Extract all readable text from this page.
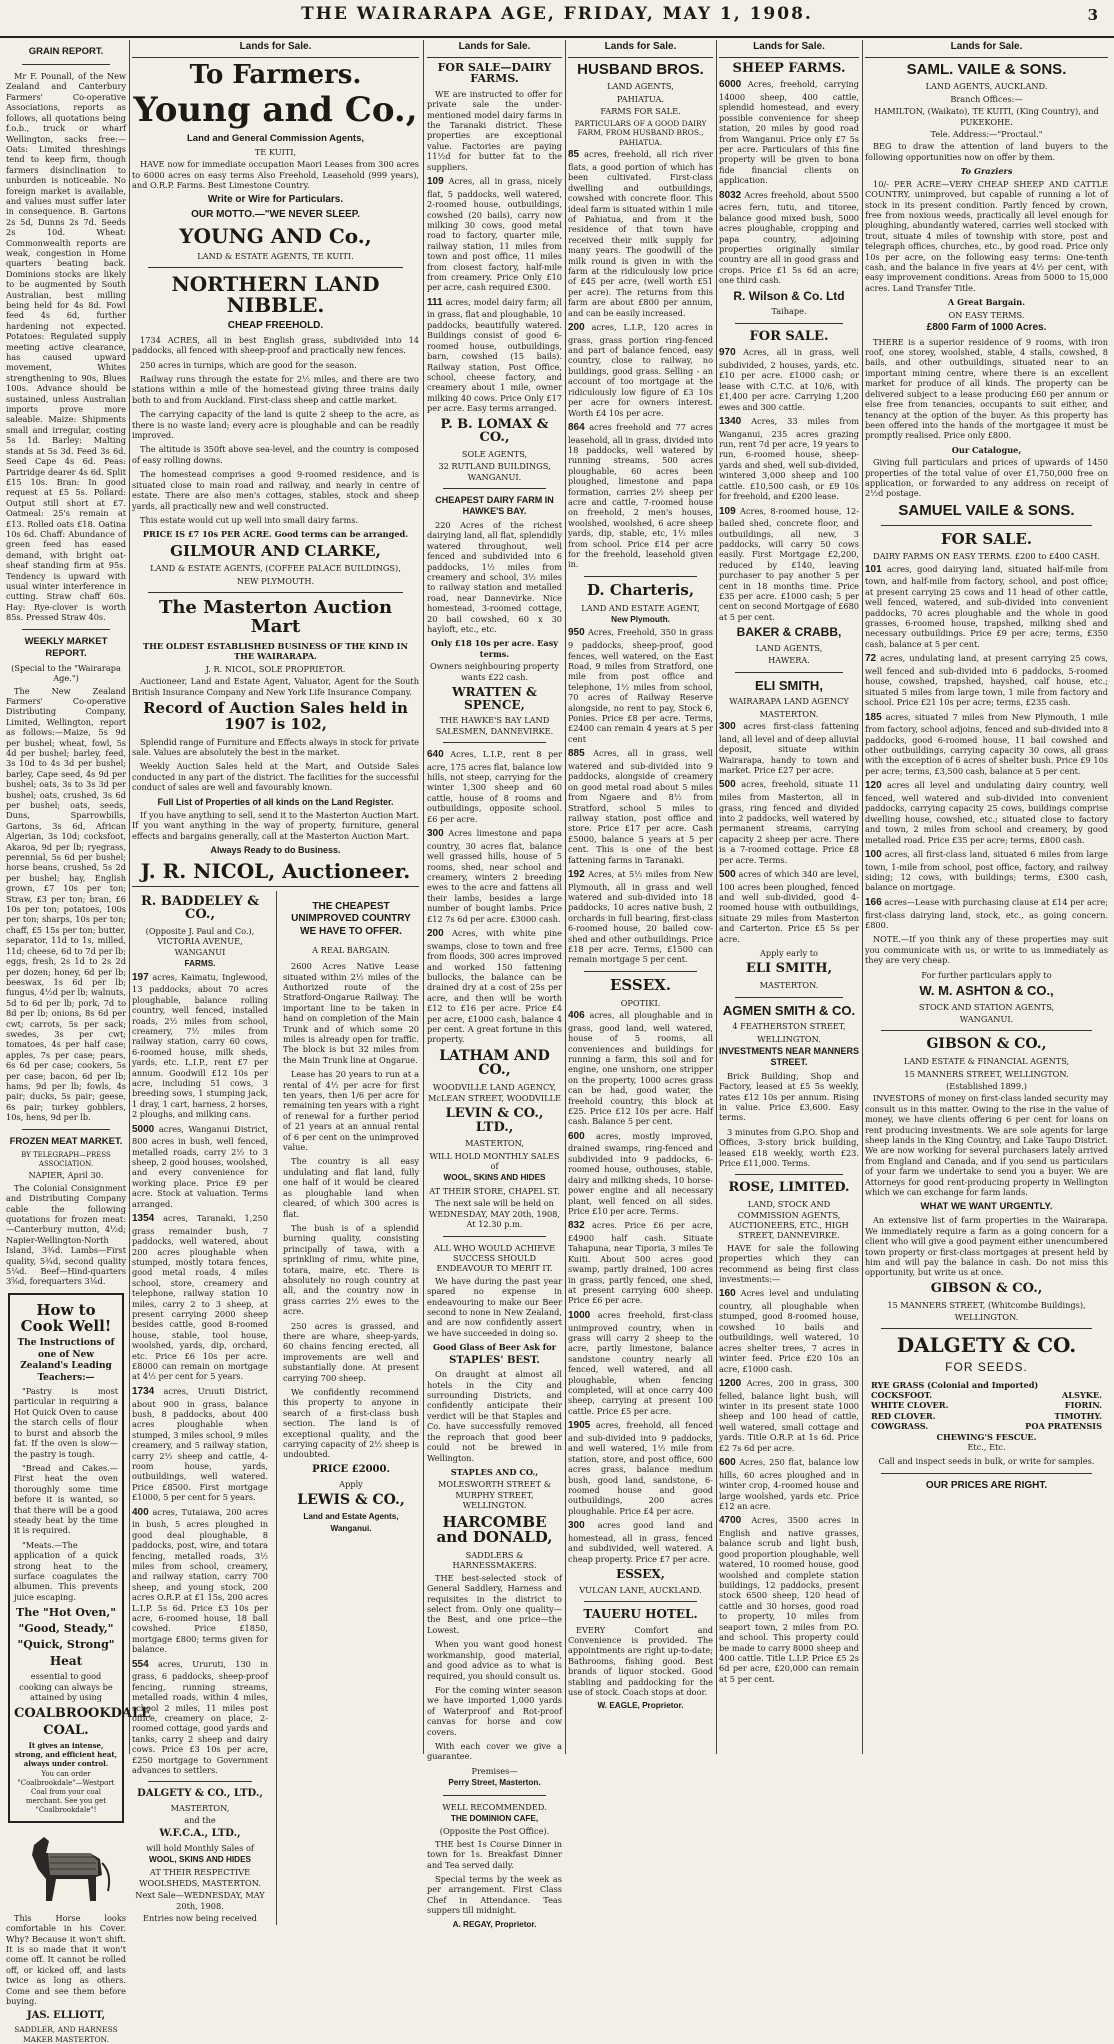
THE WAIRARAPA AGE, FRIDAY, MAY 1, 1908.	3
GRAIN REPORT.

Mr F. Pounall, of the New Zealand and Canterbury Farmers' Co-operative Associations, reports as follows, all quotations being f.o.b., truck or wharf Wellington, sacks free:—Oats: Limited threshings tend to keep firm, though farmers disinclination to unburden is noticeable. No foreign market is available, and values must suffer later in consequence. B. Gartons 2s 5d, Dunns 2s 7d. Seeds 2s 10d. Wheat: Commonwealth reports are weak, congestion in Home quarters beating back. Dominions stocks are likely to be augmented by South Australian, best milling being held for 4s 8d. Fowl feed 4s 6d, further hardening not expected. Potatoes: Regulated supply meeting active clearance, has caused upward movement, Whites strengthening to 90s, Blues 100s. Advance should be sustained, unless Australian imports prove more saleable. Maize: Shipments small and irregular, costing 5s 1d. Barley: Malting stands at 5s 3d. Feed 3s 6d. Seed Cape 4s 6d. Peas: Partridge dearer 4s 6d. Split £15 10s. Bran: In good request at £5 5s. Pollard: Output still short at £7. Oatmeal: 25's remain at £13. Rolled oats £18. Oatina 10s 6d. Chaff: Abundance of green feed has eased demand, with bright oat-sheaf standing firm at 95s. Tendency is upward with usual winter interference in cutting. Straw chaff 60s. Hay: Rye-clover is worth 85s. Pressed Straw 40s.

WEEKLY MARKET REPORT.
(Special to the "Wairarapa Age.")

The New Zealand Farmers' Co-operative Distributing Company, Limited, Wellington, report as follows:—Maize, 5s 9d per bushel; wheat, fowl, 5s 4d per bushel; barley, feed, 3s 10d to 4s 3d per bushel; barley, Cape seed, 4s 9d per bushel; oats, 3s to 3s 3d per bushel; oats, crushed, 3s 6d per bushel; oats, seeds, Duns, Sparrowbills, Gartons, 3s 6d, African Algerian, 3s 10d; cocksfoot, Akaroa, 9d per lb; ryegrass, perennial, 5s 6d per bushel; horse beans, crushed, 5s 2d per bushel; hay, English grown, £7 10s per ton; Straw, £3 per ton; bran, £6 10s per ton; potatoes, 100s per ton; sharps, 10s per ton; chaff, £5 15s per ton; butter, separator, 11d to 1s, milled, 11d; cheese, 6d to 7d per lb; eggs, fresh, 2s 1d to 2s 2d per dozen; honey, 6d per lb; beeswax, 1s 6d per lb; fungus, 4½d per lb; walnuts, 5d to 6d per lb; pork, 7d to 8d per lb; onions, 8s 6d per cwt; carrots, 5s per sack; swedes, 3s per cwt; tomatoes, 4s per half case; apples, 7s per case; pears, 6s 6d per case; cookers, 5s per case; bacon, 6d per lb; hams, 9d per lb; fowls, 4s pair; ducks, 5s pair; geese, 6s pair; turkey gobblers, 10s, hens, 9d per lb.

FROZEN MEAT MARKET.
BY TELEGRAPH—PRESS ASSOCIATION.
NAPIER, April 30.

The Colonial Consignment and Distributing Company cable the following quotations for frozen meat:—Canterbury mutton, 4½d; Napier-Wellington-North Island, 3¾d. Lambs—First quality, 5¾d, second quality 5¼d. Beef—Hind-quarters 3⅝d, forequarters 3⅛d.

How to Cook Well!
The Instructions of one of New Zealand's Leading Teachers:—

"Pastry is most particular in requiring a Hot Quick Oven to cause the starch cells of flour to burst and absorb the fat. If the oven is slow—the pastry is tough.

"Bread and Cakes.—First heat the oven thoroughly some time before it is wanted, so that there will be a good steady heat by the time it is required.

"Meats.—The application of a quick strong heat to the surface coagulates the albumen. This prevents juice escaping.

The "Hot Oven,"
"Good, Steady,"
"Quick, Strong"
Heat
essential to good cooking can always be attained by using
COALBROOKDALE
COAL.
It gives an intense, strong, and efficient heat, always under control.
You can order "Coalbrookdale"—Westport Coal from your coal merchant. See you get "Coalbrookdale"!

This Horse looks comfortable in his Cover. Why? Because it won't shift. It is so made that it won't come off. It cannot be rolled off, or kicked off, and lasts twice as long as others. Come and see them before buying.

JAS. ELLIOTT,
SADDLER, AND HARNESS MAKER MASTERTON.
Lands for Sale.
To Farmers.
Young and Co.,
Land and General Commission Agents,
TE KUITI,

HAVE now for immediate occupation Maori Leases from 300 acres to 6000 acres on easy terms Also Freehold, Leasehold (999 years), and O.R.P. Farms. Best Limestone Country.

Write or Wire for Particulars.
OUR MOTTO.—"WE NEVER SLEEP.
YOUNG AND Co.,
LAND & ESTATE AGENTS, TE KUITI.
NORTHERN LAND NIBBLE.
CHEAP FREEHOLD.

1734 ACRES, all in best English grass, subdivided into 14 paddocks, all fenced with sheep-proof and practically new fences.

250 acres in turnips, which are good for the season.

Railway runs through the estate for 2½ miles, and there are two stations within a mile of the homestead giving three trains daily both to and from Auckland. First-class sheep and cattle market.

The carrying capacity of the land is quite 2 sheep to the acre, as there is no waste land; every acre is ploughable and can be readily improved.

The altitude is 350ft above sea-level, and the country is composed of easy rolling downs.

The homestead comprises a good 9-roomed residence, and is situated close to main road and railway, and nearly in centre of estate. There are also men's cottages, stables, stock and sheep yards, all practically new and well constructed.

This estate would cut up well into small dairy farms.

PRICE IS £7 10s PER ACRE. Good terms can be arranged.
GILMOUR AND CLARKE,
LAND & ESTATE AGENTS, (COFFEE PALACE BUILDINGS),
NEW PLYMOUTH.
The Masterton Auction Mart
THE OLDEST ESTABLISHED BUSINESS OF THE KIND IN THE WAIRARAPA.
J. R. NICOL, SOLE PROPRIETOR.

Auctioneer, Land and Estate Agent, Valuator, Agent for the South British Insurance Company and New York Life Insurance Company.

Record of Auction Sales held in 1907 is 102,

Splendid range of Furniture and Effects always in stock for private sale. Values are absolutely the best in the market.

Weekly Auction Sales held at the Mart, and Outside Sales conducted in any part of the district. The facilities for the successful conduct of sales are well and favourably known.

Full List of Properties of all kinds on the Land Register.

If you have anything to sell, send it to the Masterton Auction Mart. If you want anything in the way of property, furniture, general effects and bargains generally, call at the Masterton Auction Mart.

Always Ready to do Business.
J. R. NICOL, Auctioneer.
R. BADDELEY & CO.,
(Opposite J. Paul and Co.), VICTORIA AVENUE, WANGANUI
FARMS.
197 acres, Kaimatu, Inglewood, 13 paddocks, about 70 acres ploughable, balance rolling country, well fenced, installed roads, 2½ miles from school, creamery, 7½ miles from railway station, carry 60 cows, 6-roomed house, milk sheds, yards, etc. L.I.P., rent £7 per annum. Goodwill £12 10s per acre, including 51 cows, 3 breeding sows, 1 stumping jack, 1 dray, 1 cart, harness, 2 horses, 2 ploughs, and milking cans.
5000 acres, Wanganui District, 800 acres in bush, well fenced, metalled roads, carry 2½ to 3 sheep, 2 good houses, woolshed, and every convenience for working place. Price £9 per acre. Stock at valuation. Terms arranged.
1354 acres, Taranaki, 1,250 grass remainder bush, 7 paddocks, well watered, about 200 acres ploughable when stumped, mostly totara fences, good metal roads, 4 miles school, store, creamery and telephone, railway station 10 miles, carry 2 to 3 sheep, at present carrying 2000 sheep besides cattle, good 8-roomed house, stable, tool house, woolshed, yards, dip, orchard, etc. Price £6 10s per acre. £8000 can remain on mortgage at 4½ per cent for 5 years.
1734 acres, Uruuti District, about 900 in grass, balance bush, 8 paddocks, about 400 acres ploughable when stumped, 3 miles school, 9 miles creamery, and 5 railway station, carry 2½ sheep and cattle, 4-room house, yards, outbuildings, well watered. Price £8500. First mortgage £1000, 5 per cent for 5 years.
400 acres, Tutaiawa, 200 acres in bush, 5 acres ploughed in good deal ploughable, 8 paddocks, post, wire, and totara fencing, metalled roads, 3½ miles from school, creamery, and railway station, carry 700 sheep, and young stock, 200 acres O.R.P. at £1 15s, 200 acres L.I.P. 5s 6d. Price £3 10s per acre, 6-roomed house, 18 ball cowshed. Price £1850, mortgage £800; terms given for balance.
554 acres, Ururuti, 130 in grass, 6 paddocks, sheep-proof fencing, running streams, metalled roads, within 4 miles, school 2 miles, 11 miles post office, creamery on place, 2-roomed cottage, good yards and tanks, carry 2 sheep and dairy cows. Price £3 10s per acre, £250 mortgage to Government advances to settlers.
DALGETY & CO., LTD.,
MASTERTON,
and the
W.F.C.A., LTD.,
will hold Monthly Sales of
WOOL, SKINS AND HIDES
AT THEIR RESPECTIVE WOOLSHEDS, MASTERTON.
Next Sale—WEDNESDAY, MAY 20th, 1908.
Entries now being received
THE CHEAPEST UNIMPROVED COUNTRY WE HAVE TO OFFER.
A REAL BARGAIN.

2600 Acres Native Lease situated within 2½ miles of the Authorized route of the Stratford-Ongarue Railway. The important line to be taken in hand on completion of the Main Trunk and of which some 20 miles is already open for traffic. The block is but 32 miles from the Main Trunk line at Ongarue.

Lease has 20 years to run at a rental of 4½ per acre for first ten years, then 1/6 per acre for remaining ten years with a right of renewal for a further period of 21 years at an annual rental of 6 per cent on the unimproved value.

The country is all easy undulating and flat land, fully one half of it would be cleared as ploughable land when cleared, of which 300 acres is flat.

The bush is of a splendid burning quality, consisting principally of tawa, with a sprinkling of rimu, white pine, totara, maire, etc. There is absolutely no rough country at all, and the country now in grass carries 2½ ewes to the acre.

250 acres is grassed, and there are whare, sheep-yards, 60 chains fencing erected, all improvements are well and substantially done. At present carrying 700 sheep.

We confidently recommend this property to anyone in search of a first-class bush section. The land is of exceptional quality, and the carrying capacity of 2½ sheep is undoubted.

PRICE £2000.
Apply
LEWIS & CO.,
Land and Estate Agents,
Wanganui.
Lands for Sale.
FOR SALE—DAIRY FARMS.

WE are instructed to offer for private sale the under-mentioned model dairy farms in the Taranaki district. These properties are exceptional value. Factories are paying 11½d for butter fat to the suppliers.

109 Acres, all in grass, nicely flat, 5 paddocks, well watered, 2-roomed house, outbuildings, cowshed (20 bails), carry now milking 30 cows, good metal road to factory, quarter mile, railway station, 11 miles from town and post office, 11 miles from closest factory, half-mile from creamery. Price Only £10 per acre, cash required £300.
111 acres, model dairy farm; all in grass, flat and ploughable, 10 paddocks, beautifully watered. Buildings consist of good 6-roomed house, outbuildings, barn, cowshed (15 bails). Railway station, Post Office, school, cheese factory, and creamery about 1 mile, owner milking 40 cows. Price Only £17 per acre. Easy terms arranged.
P. B. LOMAX & CO.,
SOLE AGENTS,
32 RUTLAND BUILDINGS, WANGANUI.
CHEAPEST DAIRY FARM IN HAWKE'S BAY.

220 Acres of the richest dairying land, all flat, splendidly watered throughout, well fenced and subdivided into 6 paddocks, 1½ miles from creamery and school, 3½ miles to railway station and metalled road, near Dannevirke. Nice homestead, 3-roomed cottage, 20 bail cowshed, 60 x 30 hayloft, etc., etc.

Only £18 10s per acre. Easy terms.
Owners neighbouring property wants £22 cash.
WRATTEN & SPENCE,
THE HAWKE'S BAY LAND SALESMEN, DANNEVIRKE.
640 Acres, L.I.P., rent 8 per acre, 175 acres flat, balance low hills, not steep, carrying for the winter 1,300 sheep and 60 cattle, house of 8 rooms and outbuildings, opposite school. £6 per acre.
300 Acres limestone and papa country, 30 acres flat, balance well grassed hills, house of 5 rooms, shed, near school and creamery, winters 2 breeding ewes to the acre and fattens all their lambs, besides a large number of bought lambs. Price £12 7s 6d per acre. £3000 cash.
200 Acres, with white pine swamps, close to town and free from floods, 300 acres improved and worked 150 fattening bullocks, the balance can be drained dry at a cost of 25s per acre, and then will be worth £12 to £16 per acre. Price £4 per acre, £1000 cash, balance 4 per cent. A great fortune in this property.
LATHAM AND CO.,
WOODVILLE LAND AGENCY, McLEAN STREET, WOODVILLE
LEVIN & CO., LTD.,
MASTERTON,
WILL HOLD MONTHLY SALES of
WOOL, SKINS AND HIDES
AT THEIR STORE, CHAPEL ST.
The next sale will be held on WEDNESDAY, MAY 20th, 1908, At 12.30 p.m.
ALL WHO WOULD ACHIEVE SUCCESS SHOULD ENDEAVOUR TO MERIT IT.

We have during the past year spared no expense in endeavouring to make our Beer second to none in New Zealand, and are now confidently assert we have succeeded in doing so.

Good Glass of Beer Ask for
STAPLES' BEST.

On draught at almost all hotels in the City and surrounding Districts, and confidently anticipate their verdict will be that Staples and Co. have successfully removed the reproach that good beer could not be brewed in Wellington.

STAPLES AND CO.,
MOLESWORTH STREET & MURPHY STREET, WELLINGTON.
HARCOMBE and DONALD,
SADDLERS & HARNESSMAKERS.

THE best-selected stock of General Saddlery, Harness and requisites in the district to select from. Only one quality—the Best, and one price—the Lowest.

When you want good honest workmanship, good material, and good advice as to what is required, you should consult us.

For the coming winter season we have imported 1,000 yards of Waterproof and Rot-proof canvas for horse and cow covers.

With each cover we give a guarantee.

Premises—
Perry Street, Masterton.
WELL RECOMMENDED.
THE DOMINION CAFE,
(Opposite the Post Office).

THE best 1s Course Dinner in town for 1s. Breakfast Dinner and Tea served daily.

Special terms by the week as per arrangement. First Class Chef in Attendance. Teas suppers till midnight.

A. REGAY, Proprietor.
Lands for Sale.
HUSBAND BROS.
LAND AGENTS,
PAHIATUA.
FARMS FOR SALE.
PARTICULARS OF A GOOD DAIRY FARM, FROM HUSBAND BROS., PAHIATUA.
85 acres, freehold, all rich river flats, a good portion of which has been cultivated. First-class dwelling and outbuildings, cowshed with concrete floor. This ideal farm is situated within 1 mile of Pahiatua, and from it the residence of that town have received their milk supply for many years. The goodwill of the milk round is given in with the farm at the ridiculously low price of £45 per acre, (well worth £51 per acre). The returns from this farm are about £800 per annum, and can be easily increased.
200 acres, L.I.P., 120 acres in grass, grass portion ring-fenced and part of balance fenced, easy country, close to railway, no buildings, good grass. Selling - an account of too mortgage at the ridiculously low figure of £3 10s per acre for owners interest. Worth £4 10s per acre.
864 acres freehold and 77 acres leasehold, all in grass, divided into 18 paddocks, well watered by running streams, 500 acres ploughable, 60 acres been ploughed, limestone and papa formation, carries 2½ sheep per acre and cattle, 7-roomed house on freehold, 2 men's houses, woolshed, woolshed, 6 acre sheep yards, dip, stable, etc, 1½ miles from school. Price £14 per acre for the freehold, leasehold given in.
D. Charteris,
LAND AND ESTATE AGENT,
New Plymouth.
950 Acres, Freehold, 350 in grass 9 paddocks, sheep-proof, good fences, well watered, on the East Road, 9 miles from Stratford, one mile from post office and telephone, 1½ miles from school, 70 acres of Railway Reserve alongside, no rent to pay, Stock 6, Ponies. Price £8 per acre. Terms, £2400 can remain 4 years at 5 per cent
885 Acres, all in grass, well watered and sub-divided into 9 paddocks, alongside of creamery on good metal road about 5 miles from Ngaere and 8½ from Stratford, school 5 miles to railway station, post office and store. Price £17 per acre. Cash £5000, balance 5 years at 5 per cent. This is one of the best fattening farms in Taranaki.
192 Acres, at 5½ miles from New Plymouth, all in grass and well watered and sub-divided into 18 paddocks, 10 acres native bush, 2 orchards in full bearing, first-class 6-roomed house, 20 bailed cow-shed and other outbuildings. Price £18 per acre. Terms, £1500 can remain mortgage 5 per cent.
ESSEX.
OPOTIKI.
406 acres, all ploughable and in grass, good land, well watered, house of 5 rooms, all conveniences and buildings for running a farm, this soil and for engine, one unshorn, one stripper on the property, 1000 acres grass can be had, good water, the freehold country, this block at £25. Price £12 10s per acre. Half cash. Balance 5 per cent.
600 acres, mostly improved, drained swamps, ring-fenced and subdivided into 9 paddocks, 6-roomed house, outhouses, stable, dairy and milking sheds, 10 horse-power engine and all necessary plant, well fenced on all sides. Price £10 per acre. Terms.
832 acres. Price £6 per acre, £4900 half cash. Situate Tahapuna, near Tiporia, 3 miles Te Kuiti. About 500 acres good swamp, partly drained, 100 acres in grass, partly fenced, one shed, at present carrying 600 sheep. Price £6 per acre.
1000 acres freehold, first-class unimproved country, when in grass will carry 2 sheep to the acre, partly limestone, balance sandstone country nearly all fenced, well watered, and all ploughable, when fencing completed, will at once carry 400 sheep, carrying at present 100 cattle. Price £5 per acre.
1905 acres, freehold, all fenced and sub-divided into 9 paddocks, and well watered, 1½ mile from station, store, and post office, 600 acres grass, balance medium bush, good land, sandstone, 6-roomed house and good outbuildings, 200 acres ploughable. Price £4 per acre.
300 acres good land and homestead, all in grass, fenced and subdivided, well watered. A cheap property. Price £7 per acre.
ESSEX,
VULCAN LANE, AUCKLAND.
TAUERU HOTEL.

EVERY Comfort and Convenience is provided. The appointments are right up-to-date; Bathrooms, fishing good. Best brands of liquor stocked. Good stabling and paddocking for the use of stock. Coach stops at door.

W. EAGLE, Proprietor.
Lands for Sale.
SHEEP FARMS.
6000 Acres, freehold, carrying 14000 sheep, 400 cattle, splendid homestead, and every possible convenience for sheep station, 20 miles by good road from Wanganui. Price only £7 5s per acre. Particulars of this fine property will be given to bona fide financial clients on application.
8032 Acres freehold, about 5500 acres fern, tutu, and titoree, balance good mixed bush, 5000 acres ploughable, cropping and papa country, adjoining properties originally similar country are all in good grass and crops. Price £1 5s 6d an acre; one third cash.
R. Wilson & Co. Ltd
Taihape.
FOR SALE.
970 Acres, all in grass, well subdivided, 2 houses, yards, etc. £10 per acre. £1000 cash; or lease with C.T.C. at 10/6, with £1,400 per acre. Carrying 1,200 ewes and 300 cattle.
1340 Acres, 33 miles from Wanganui, 235 acres grazing run, rent 7d per acre, 19 years to run, 6-roomed house, sheep-yards and shed, well sub-divided, wintered 3,000 sheep and 100 cattle. £10,500 cash, or £9 10s for freehold, and £200 lease.
109 Acres, 8-roomed house, 12-bailed shed, concrete floor, and outbuildings, all new, 3 paddocks, will carry 50 cows easily. First Mortgage £2,200, reduced by £140, leaving purchaser to pay another 5 per cent in 18 months time. Price £35 per acre. £1000 cash; 5 per cent on second Mortgage of £680 at 5 per cent.
BAKER & CRABB,
LAND AGENTS,
HAWERA.
ELI SMITH,
WAIRARAPA LAND AGENCY
MASTERTON.
300 acres first-class fattening land, all level and of deep alluvial deposit, situate within Wairarapa, handy to town and market. Price £27 per acre.
500 acres, freehold, situate 11 miles from Masterton, all in grass, ring fenced and divided into 2 paddocks, well watered by permanent streams, carrying capacity 2 sheep per acre. There is a 7-roomed cottage. Price £8 per acre. Terms.
500 acres of which 340 are level, 100 acres been ploughed, fenced and well sub-divided, good 4-roomed house with outbuildings, situate 29 miles from Masterton and Carterton. Price £5 5s per acre.
Apply early to
ELI SMITH,
MASTERTON.
AGMEN SMITH & CO.
4 FEATHERSTON STREET,
WELLINGTON.
INVESTMENTS NEAR MANNERS STREET.

Brick Building, Shop and Factory, leased at £5 5s weekly, rates £12 10s per annum. Rising in value. Price £3,600. Easy terms.

3 minutes from G.P.O. Shop and Offices, 3-story brick building, leased £18 weekly, worth £23. Price £11,000. Terms.

ROSE, LIMITED.
LAND, STOCK AND COMMISSION AGENTS, AUCTIONEERS, ETC., HIGH STREET, DANNEVIRKE.

HAVE for sale the following properties which they can recommend as being first class investments:—

160 Acres level and undulating country, all ploughable when stumped, good 8-roomed house, cowshed 10 bails and outbuildings, well watered, 10 acres shelter trees, 7 acres in winter feed. Price £20 10s an acre, £1000 cash.
1200 Acres, 200 in grass, 300 felled, balance light bush, will winter in its present state 1000 sheep and 100 head of cattle, well watered, small cottage and yards. Title O.R.P. at 1s 6d. Price £2 7s 6d per acre.
600 Acres, 250 flat, balance low hills, 60 acres ploughed and in winter crop, 4-roomed house and large woolshed, yards etc. Price £12 an acre.
4700 Acres, 3500 acres in English and native grasses, balance scrub and light bush, good proportion ploughable, well watered, 10 roomed house, good woolshed and complete station buildings, 12 paddocks, present stock 6500 sheep, 120 head of cattle and 30 horses, good road to property, 10 miles from seaport town, 2 miles from P.O. and school. This property could be made to carry 8000 sheep and 400 cattle. Title L.I.P. Price £5 2s 6d per acre, £20,000 can remain at 5 per cent.
Lands for Sale.
SAML. VAILE & SONS.
LAND AGENTS, AUCKLAND.
Branch Offices:—
HAMILTON, (Waikato), TE KUITI, (King Country), and PUKEKOHE.
Tele. Address:—"Proctaul."

BEG to draw the attention of land buyers to the following opportunities now on offer by them.

To Graziers

10/- PER ACRE—VERY CHEAP SHEEP AND CATTLE COUNTRY, unimproved, but capable of running a lot of stock in its present condition. Partly fenced by crown, free from noxious weeds, practically all level enough for ploughing, abundantly watered, carries well stocked with trout, situate 4 miles of township with store, post and telegraph offices, churches, etc., by good road. Price only 10s per acre, on the following easy terms: One-tenth cash, and the balance in five years at 4½ per cent, with easy improvement conditions. Areas from 5000 to 15,000 acres. Land Transfer Title.

A Great Bargain.
ON EASY TERMS.
£800 Farm of 1000 Acres.

THERE is a superior residence of 9 rooms, with iron roof, one storey, woolshed, stable, 4 stalls, cowshed, 8 bails, and other outbuildings, situated near to an important mining centre, where there is an excellent market for produce of all kinds. The property can be delivered subject to a lease producing £60 per annum or else free from tenancies, occupants to suit either, and tenancy at the option of the buyer. As this property has been offered into the hands of the mortgagee it must be promptly realised. Price only £800.

Our Catalogue,

Giving full particulars and prices of upwards of 1450 properties of the total value of over £1,750,000 free on application, or forwarded to any address on receipt of 2½d postage.

SAMUEL VAILE & SONS.
FOR SALE.
DAIRY FARMS ON EASY TERMS. £200 to £400 CASH.
101 acres, good dairying land, situated half-mile from town, and half-mile from factory, school, and post office; at present carrying 25 cows and 11 head of other cattle, well fenced, watered, and sub-divided into convenient paddocks, 70 acres ploughable and the whole in good grasses, 6-roomed house, trapshed, milking shed and necessary outbuildings. Price £9 per acre; terms, £350 cash, balance at 5 per cent.
72 acres, undulating land, at present carrying 25 cows, well fenced and sub-divided into 6 paddocks, 5-roomed house, cowshed, trapshed, hayshed, calf house, etc.; situated 5 miles from large town, 1 mile from factory and school. Price £21 10s per acre; terms, £235 cash.
185 acres, situated 7 miles from New Plymouth, 1 mile from factory, school adjoins, fenced and sub-divided into 8 paddocks, good 6-roomed house, 11 bail cowshed and other outbuildings, carrying capacity 30 cows, all grass with the exception of 6 acres of shelter bush. Price £9 10s per acre; terms, £3,500 cash, balance at 5 per cent.
120 acres all level and undulating dairy country, well fenced, well watered and sub-divided into convenient paddocks, carrying capacity 25 cows, buildings comprise dwelling house, cowshed, etc.; situated close to factory and town, 2 miles from school and creamery, by good metalled road. Price £35 per acre; terms, £800 cash.
100 acres, all first-class land, situated 6 miles from large town, 1-mile from school, post office, factory, and railway siding; 12 cows, with buildings; terms, £300 cash, balance on mortgage.
166 acres—Lease with purchasing clause at £14 per acre; first-class dairying land, stock, etc., as going concern. £800.

NOTE.—If you think any of these properties may suit you communicate with us, or write to us immediately as they are very cheap.

For further particulars apply to
W. M. ASHTON & CO.,
STOCK AND STATION AGENTS,
WANGANUI.
GIBSON & CO.,
LAND ESTATE & FINANCIAL AGENTS,
15 MANNERS STREET, WELLINGTON.
(Established 1899.)

INVESTORS of money on first-class landed security may consult us in this matter. Owing to the rise in the value of money, we have clients offering 6 per cent for loans on rent producing investments. We are sole agents for large sheep lands in the King Country, and Lake Taupo District. We are now working for several purchasers lately arrived from England and Canada, and if you send us particulars of your farm we undertake to send you a buyer. We are Attorneys for good rent-producing property in Wellington which we can exchange for farm lands.

WHAT WE WANT URGENTLY.

An extensive list of farm properties in the Wairarapa. We immediately require a farm as a going concern for a client who will give a good payment either unencumbered town property or first-class mortgages at present held by him and will pay the balance in cash. Do not miss this opportunity, but write us at once.

GIBSON & CO.,
15 MANNERS STREET, (Whitcombe Buildings),
WELLINGTON.
DALGETY & CO.
FOR SEEDS.
RYE GRASS (Colonial and Imported)
COCKSFOOT.	ALSYKE.
WHITE CLOVER.	FIORIN.
RED CLOVER.	TIMOTHY.
COWGRASS.	POA PRATENSIS
CHEWING'S FESCUE.
Etc., Etc.
Call and inspect seeds in bulk, or write for samples.
OUR PRICES ARE RIGHT.
